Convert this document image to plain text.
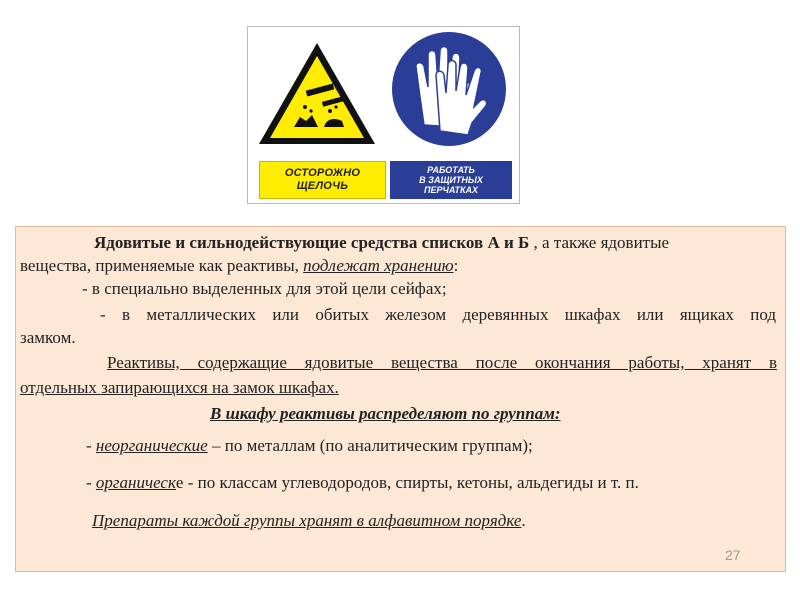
ОСТОРОЖНО
ЩЕЛОЧЬ
РАБОТАТЬ
В ЗАЩИТНЫХ
ПЕРЧАТКАХ
Ядовитые и сильнодействующие средства списков А и Б , а также ядовитые
вещества, применяемые как реактивы, подлежат хранению:
- в специально выделенных для этой цели сейфах;
- в металлических или обитых железом деревянных шкафах или ящиках под
замком.
Реактивы, содержащие ядовитые вещества после окончания работы, хранят в
отдельных запирающихся на замок шкафах.
В шкафу реактивы распределяют по группам:
- неорганические – по металлам (по аналитическим группам);
- органическе - по классам углеводородов, спирты, кетоны, альдегиды и т. п.
Препараты каждой группы хранят в алфавитном порядке.
27
